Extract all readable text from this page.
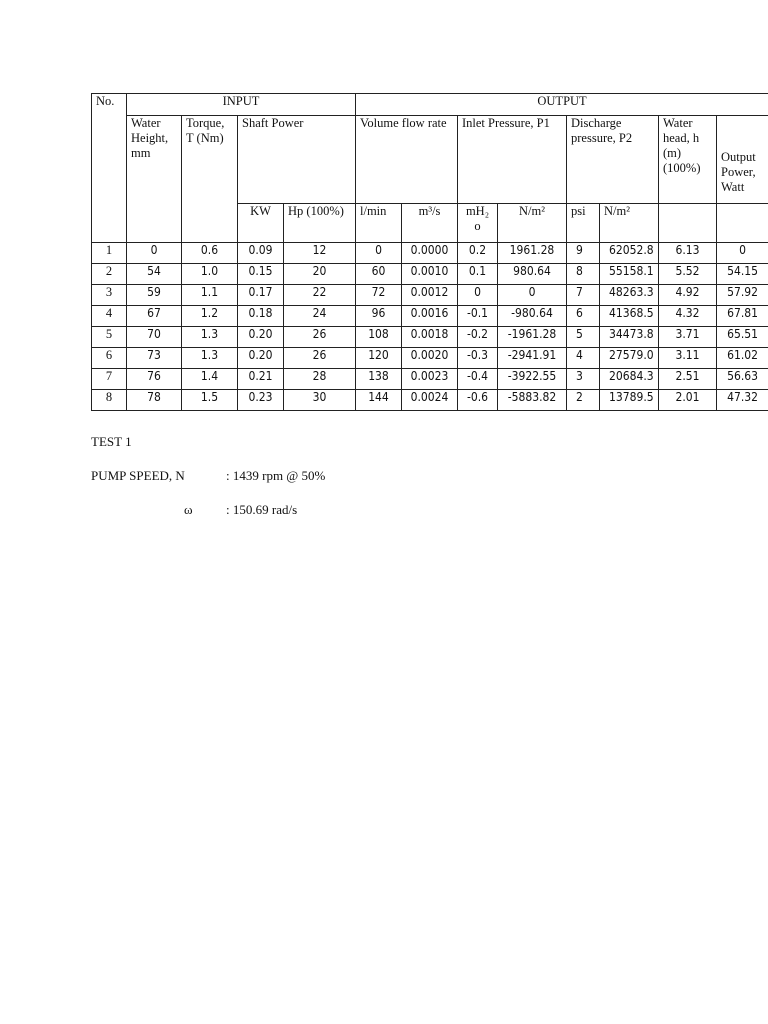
No.	INPUT				OUTPUT							
	Water Height, mm	Torque, T (Nm)	Shaft Power		Volume flow rate		Inlet Pressure, P1		Discharge pressure, P2		Water head, h (m) (100%)	Output Power, Watt
			KW	Hp (100%)	l/min	m³/s	mH₂ o	N/m²	psi	N/m²		
1	0	0.6	0.09	12	0	0.0000	0.2	1961.28	9	62052.8	6.13	0
2	54	1.0	0.15	20	60	0.0010	0.1	980.64	8	55158.1	5.52	54.15
3	59	1.1	0.17	22	72	0.0012	0	0	7	48263.3	4.92	57.92
4	67	1.2	0.18	24	96	0.0016	-0.1	-980.64	6	41368.5	4.32	67.81
5	70	1.3	0.20	26	108	0.0018	-0.2	-1961.28	5	34473.8	3.71	65.51
6	73	1.3	0.20	26	120	0.0020	-0.3	-2941.91	4	27579.0	3.11	61.02
7	76	1.4	0.21	28	138	0.0023	-0.4	-3922.55	3	20684.3	2.51	56.63
8	78	1.5	0.23	30	144	0.0024	-0.6	-5883.82	2	13789.5	2.01	47.32
TEST 1
PUMP SPEED, N	: 1439 rpm @ 50%
ω	: 150.69 rad/s
